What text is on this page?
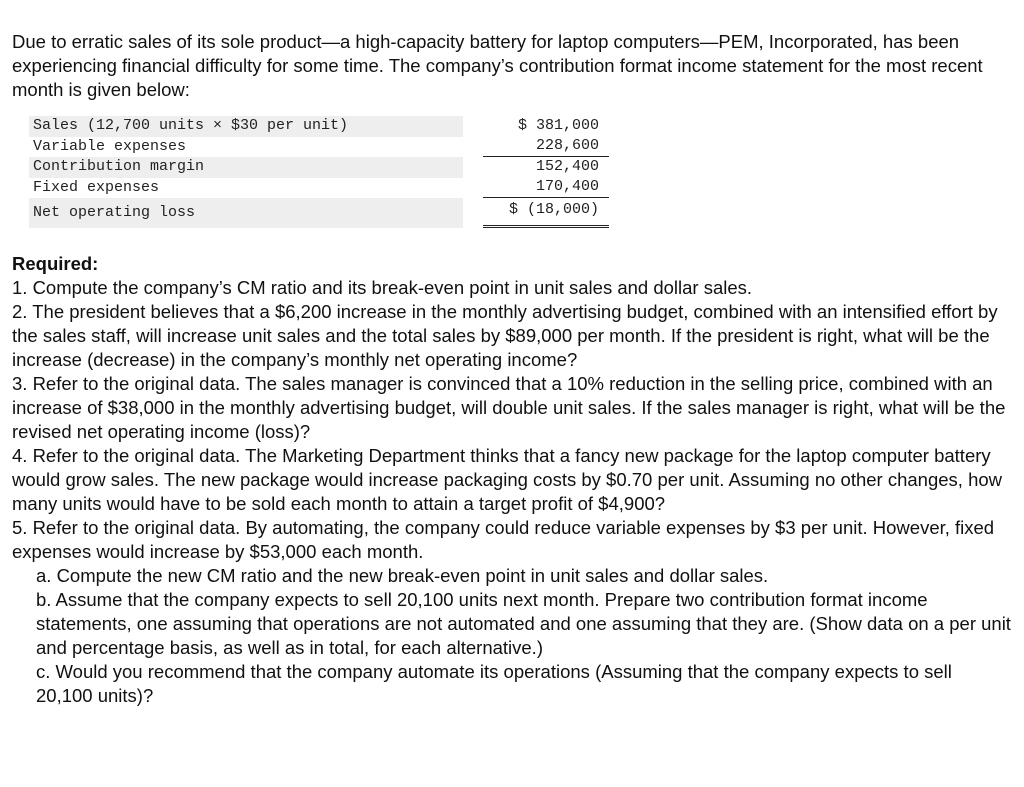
Due to erratic sales of its sole product—a high-capacity battery for laptop computers—PEM, Incorporated, has been experiencing financial difficulty for some time. The company’s contribution format income statement for the most recent month is given below:

Sales (12,700 units × $30 per unit)	$ 381,000
Variable expenses	228,600
Contribution margin	152,400
Fixed expenses	170,400
Net operating loss	$ (18,000)
Required:
1. Compute the company’s CM ratio and its break-even point in unit sales and dollar sales.
2. The president believes that a $6,200 increase in the monthly advertising budget, combined with an intensified effort by the sales staff, will increase unit sales and the total sales by $89,000 per month. If the president is right, what will be the increase (decrease) in the company’s monthly net operating income?
3. Refer to the original data. The sales manager is convinced that a 10% reduction in the selling price, combined with an increase of $38,000 in the monthly advertising budget, will double unit sales. If the sales manager is right, what will be the revised net operating income (loss)?
4. Refer to the original data. The Marketing Department thinks that a fancy new package for the laptop computer battery would grow sales. The new package would increase packaging costs by $0.70 per unit. Assuming no other changes, how many units would have to be sold each month to attain a target profit of $4,900?
5. Refer to the original data. By automating, the company could reduce variable expenses by $3 per unit. However, fixed expenses would increase by $53,000 each month.
a. Compute the new CM ratio and the new break-even point in unit sales and dollar sales.
b. Assume that the company expects to sell 20,100 units next month. Prepare two contribution format income statements, one assuming that operations are not automated and one assuming that they are. (Show data on a per unit and percentage basis, as well as in total, for each alternative.)
c. Would you recommend that the company automate its operations (Assuming that the company expects to sell 20,100 units)?
